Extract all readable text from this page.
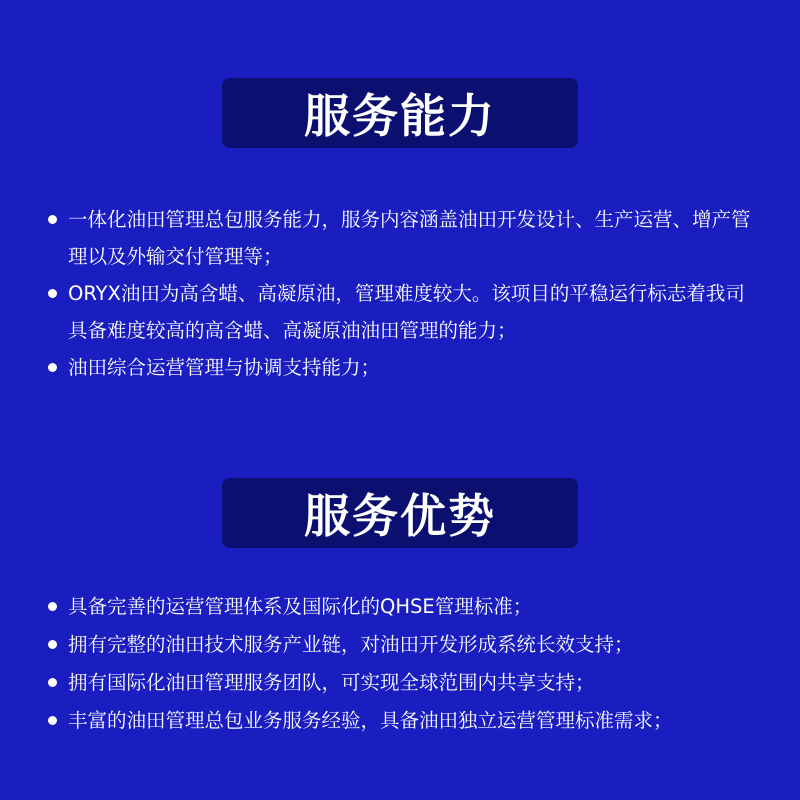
服务能力
一体化油田管理总包服务能力，服务内容涵盖油田开发设计、生产运营、增产管理以及外输交付管理等；
ORYX油田为高含蜡、高凝原油，管理难度较大。该项目的平稳运行标志着我司具备难度较高的高含蜡、高凝原油油田管理的能力；
油田综合运营管理与协调支持能力；
服务优势
具备完善的运营管理体系及国际化的QHSE管理标准；
拥有完整的油田技术服务产业链，对油田开发形成系统长效支持；
拥有国际化油田管理服务团队，可实现全球范围内共享支持；
丰富的油田管理总包业务服务经验，具备油田独立运营管理标准需求；
